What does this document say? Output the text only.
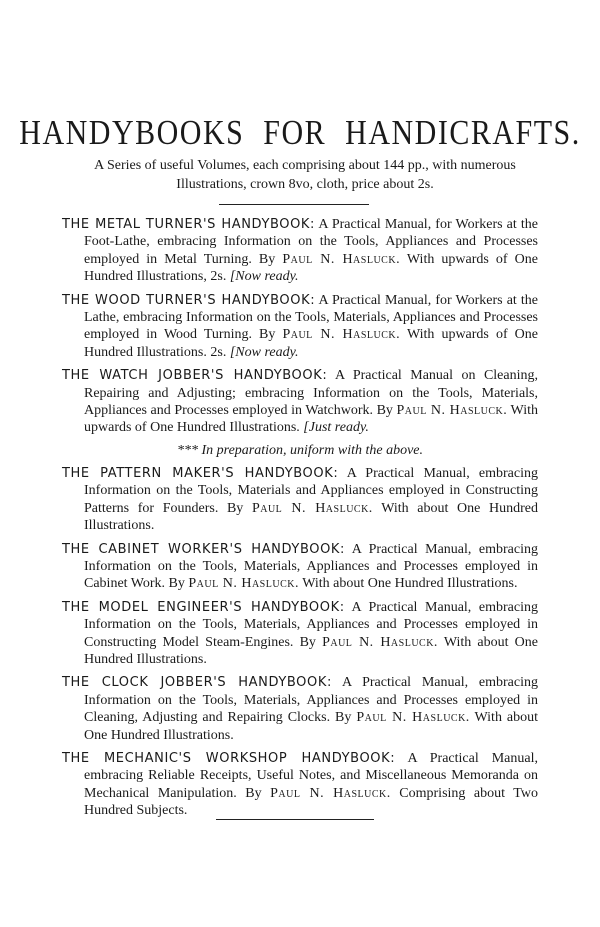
HANDYBOOKS FOR HANDICRAFTS.
A Series of useful Volumes, each comprising about 144 pp., with numerous Illustrations, crown 8vo, cloth, price about 2s.
THE METAL TURNER'S HANDYBOOK: A Practical Manual, for Workers at the Foot-Lathe, embracing Information on the Tools, Appliances and Processes employed in Metal Turning. By Paul N. Hasluck. With upwards of One Hundred Illustrations, 2s. [Now ready.
THE WOOD TURNER'S HANDYBOOK: A Practical Manual, for Workers at the Lathe, embracing Information on the Tools, Materials, Appliances and Processes employed in Wood Turning. By Paul N. Hasluck. With upwards of One Hundred Illustrations. 2s. [Now ready.
THE WATCH JOBBER'S HANDYBOOK: A Practical Manual on Cleaning, Repairing and Adjusting; embracing Information on the Tools, Materials, Appliances and Processes employed in Watchwork. By Paul N. Hasluck. With upwards of One Hundred Illustrations. [Just ready.
*** In preparation, uniform with the above.
THE PATTERN MAKER'S HANDYBOOK: A Practical Manual, embracing Information on the Tools, Materials and Appliances employed in Constructing Patterns for Founders. By Paul N. Hasluck. With about One Hundred Illustrations.
THE CABINET WORKER'S HANDYBOOK: A Practical Manual, embracing Information on the Tools, Materials, Appliances and Processes employed in Cabinet Work. By Paul N. Hasluck. With about One Hundred Illustrations.
THE MODEL ENGINEER'S HANDYBOOK: A Practical Manual, embracing Information on the Tools, Materials, Appliances and Processes employed in Constructing Model Steam-Engines. By Paul N. Hasluck. With about One Hundred Illustrations.
THE CLOCK JOBBER'S HANDYBOOK: A Practical Manual, embracing Information on the Tools, Materials, Appliances and Processes employed in Cleaning, Adjusting and Repairing Clocks. By Paul N. Hasluck. With about One Hundred Illustrations.
THE MECHANIC'S WORKSHOP HANDYBOOK: A Practical Manual, embracing Reliable Receipts, Useful Notes, and Miscellaneous Memoranda on Mechanical Manipulation. By Paul N. Hasluck. Comprising about Two Hundred Subjects.
